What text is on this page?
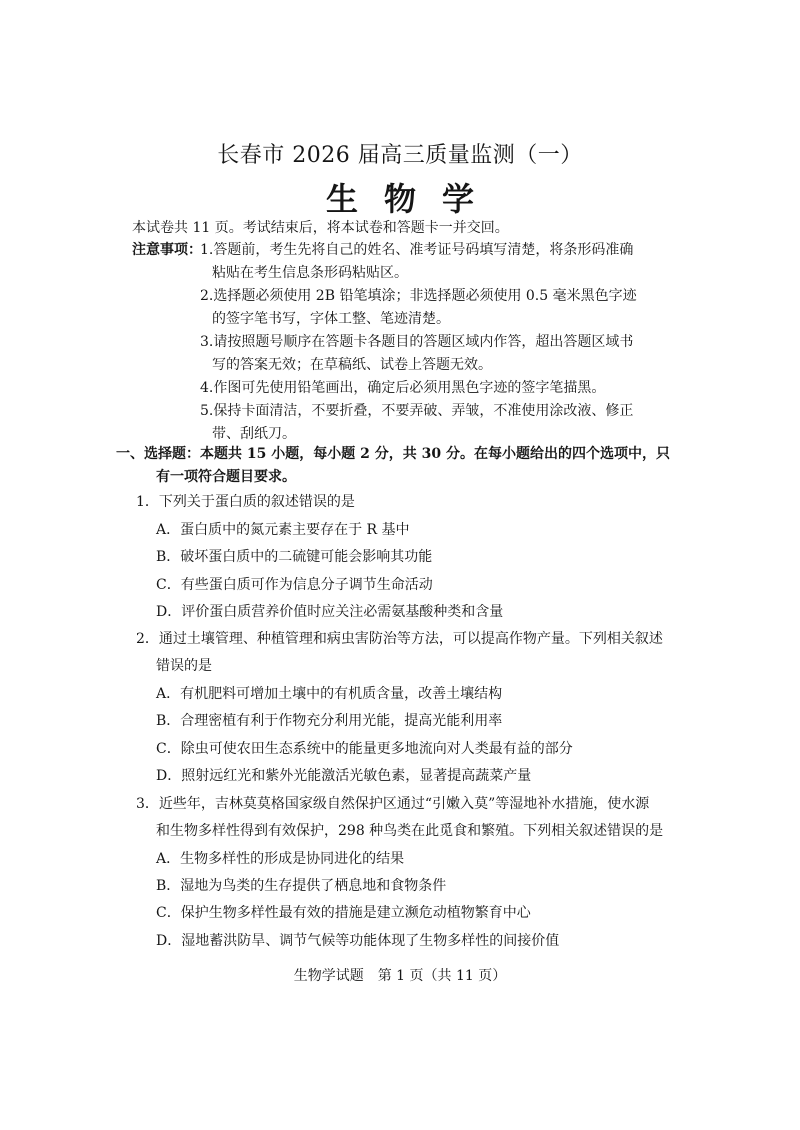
长春市 2026 届高三质量监测（一）
生物学
本试卷共 11 页。考试结束后，将本试卷和答题卡一并交回。
注意事项：
1.答题前，考生先将自己的姓名、准考证号码填写清楚，将条形码准确
粘贴在考生信息条形码粘贴区。
2.选择题必须使用 2B 铅笔填涂；非选择题必须使用 0.5 毫米黑色字迹
的签字笔书写，字体工整、笔迹清楚。
3.请按照题号顺序在答题卡各题目的答题区域内作答，超出答题区域书
写的答案无效；在草稿纸、试卷上答题无效。
4.作图可先使用铅笔画出，确定后必须用黑色字迹的签字笔描黑。
5.保持卡面清洁，不要折叠，不要弄破、弄皱，不准使用涂改液、修正
带、刮纸刀。
一、选择题：本题共 15 小题，每小题 2 分，共 30 分。在每小题给出的四个选项中，只
有一项符合题目要求。
1．下列关于蛋白质的叙述错误的是
A．蛋白质中的氮元素主要存在于 R 基中
B．破坏蛋白质中的二硫键可能会影响其功能
C．有些蛋白质可作为信息分子调节生命活动
D．评价蛋白质营养价值时应关注必需氨基酸种类和含量
2．通过土壤管理、种植管理和病虫害防治等方法，可以提高作物产量。下列相关叙述
错误的是
A．有机肥料可增加土壤中的有机质含量，改善土壤结构
B．合理密植有利于作物充分利用光能，提高光能利用率
C．除虫可使农田生态系统中的能量更多地流向对人类最有益的部分
D．照射远红光和紫外光能激活光敏色素，显著提高蔬菜产量
3．近些年，吉林莫莫格国家级自然保护区通过“引嫩入莫”等湿地补水措施，使水源
和生物多样性得到有效保护，298 种鸟类在此觅食和繁殖。下列相关叙述错误的是
A．生物多样性的形成是协同进化的结果
B．湿地为鸟类的生存提供了栖息地和食物条件
C．保护生物多样性最有效的措施是建立濒危动植物繁育中心
D．湿地蓄洪防旱、调节气候等功能体现了生物多样性的间接价值
生物学试题　第 1 页（共 11 页）
